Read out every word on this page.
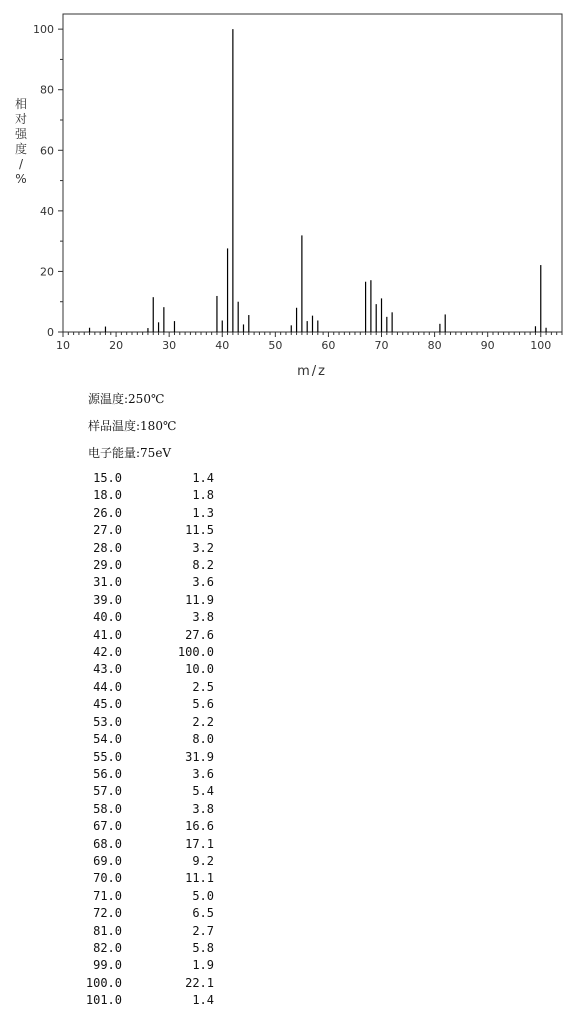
10	20	30	40	50	60	70	80	90	100
0
20
40
60
80
100
m/z
相对强度/ %
源温度:250℃
样品温度:180℃
电子能量:75eV
15.0	1.4
18.0	1.8
26.0	1.3
27.0	11.5
28.0	3.2
29.0	8.2
31.0	3.6
39.0	11.9
40.0	3.8
41.0	27.6
42.0	100.0
43.0	10.0
44.0	2.5
45.0	5.6
53.0	2.2
54.0	8.0
55.0	31.9
56.0	3.6
57.0	5.4
58.0	3.8
67.0	16.6
68.0	17.1
69.0	9.2
70.0	11.1
71.0	5.0
72.0	6.5
81.0	2.7
82.0	5.8
99.0	1.9
100.0	22.1
101.0	1.4
